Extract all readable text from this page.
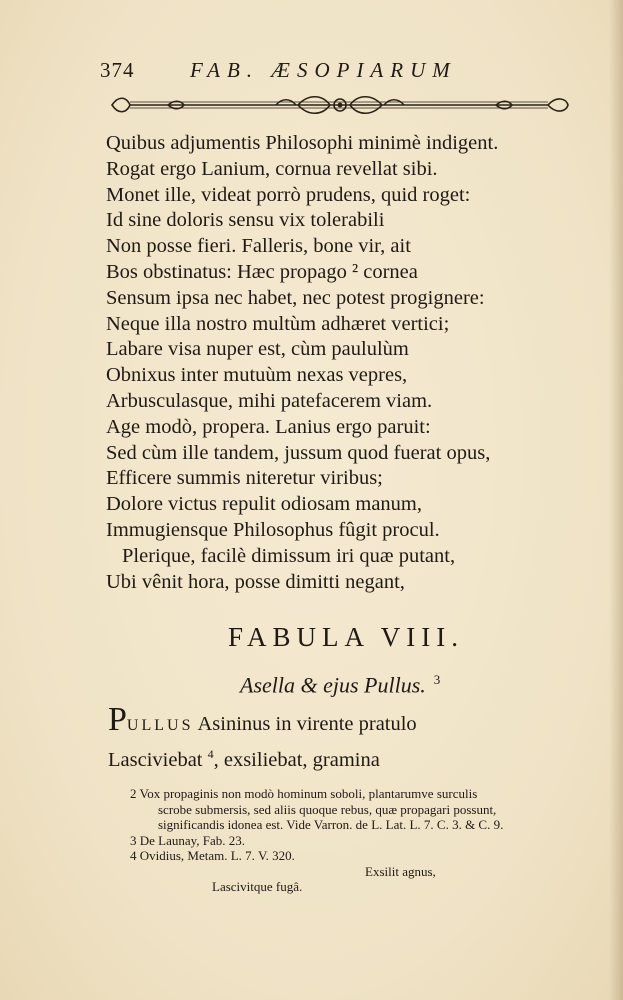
374	FAB. ÆSOPIARUM
Quibus adjumentis Philosophi minimè indigent.
Rogat ergo Lanium, cornua revellat sibi.
Monet ille, videat porrò prudens, quid roget:
Id sine doloris sensu vix tolerabili
Non posse fieri. Falleris, bone vir, ait
Bos obstinatus: Hæc propago ² cornea
Sensum ipsa nec habet, nec potest progignere:
Neque illa nostro multùm adhæret vertici;
Labare visa nuper est, cùm paululùm
Obnixus inter mutuùm nexas vepres,
Arbusculasque, mihi patefacerem viam.
Age modò, propera. Lanius ergo paruit:
Sed cùm ille tandem, jussum quod fuerat opus,
Efficere summis niteretur viribus;
Dolore victus repulit odiosam manum,
Immugiensque Philosophus fûgit procul.
Plerique, facilè dimissum iri quæ putant,
Ubi vênit hora, posse dimitti negant,
FABULA VIII.
Asella & ejus Pullus. $^3$
PULLUS Asininus in virente pratulo
Lasciviebat $^4$, exsiliebat, gramina
2 Vox propaginis non modò hominum soboli, plantarumve surculis
scrobe submersis, sed aliis quoque rebus, quæ propagari possunt,
significandis idonea est. Vide Varron. de L. Lat. L. 7. C. 3. & C. 9.
3 De Launay, Fab. 23.
4 Ovidius, Metam. L. 7. V. 320.
Exsilit agnus,
Lascivitque fugâ.
